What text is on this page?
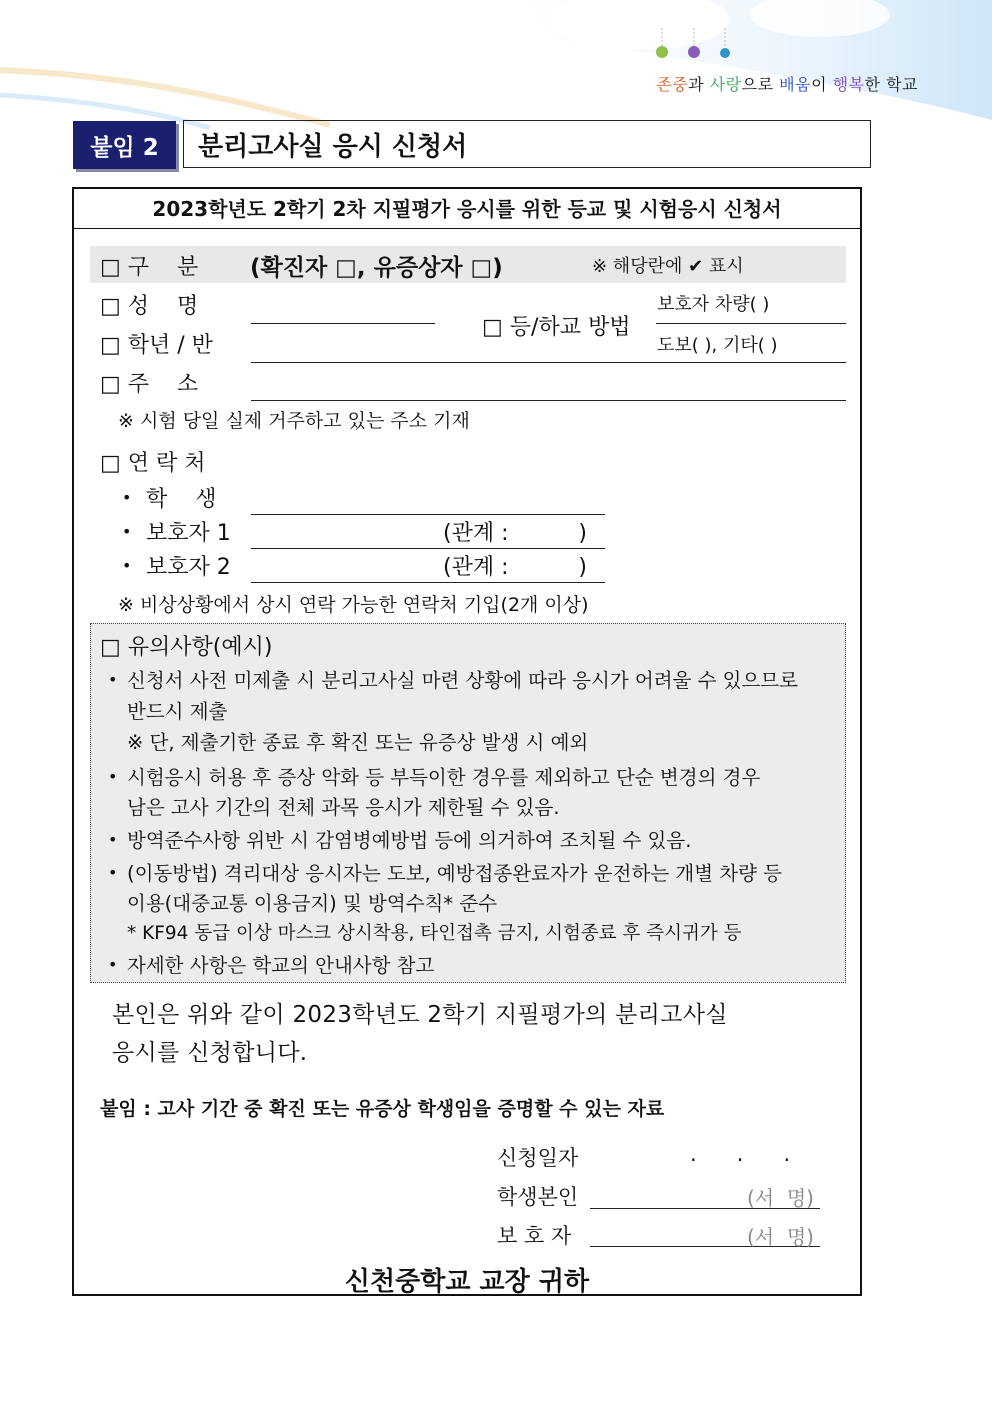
존중과 사랑으로 배움이 행복한 학교
붙임 2	분리고사실 응시 신청서
2023학년도 2학기 2차 지필평가 응시를 위한 등교 및 시험응시 신청서
□ 구    분 (확진자 □, 유증상자 □)	※ 해당란에 ✔ 표시
□ 성    명
□ 학년 / 반
□ 등/하교 방법
보호자 차량( )
도보( ), 기타( )
□ 주    소
※ 시험 당일 실제 거주하고 있는 주소 기재
□ 연 락 처
• 학    생
• 보호자 1	(관계 :          )
• 보호자 2	(관계 :          )
※ 비상상황에서 상시 연락 가능한 연락처 기입(2개 이상)
□ 유의사항(예시)
• 신청서 사전 미제출 시 분리고사실 마련 상황에 따라 응시가 어려울 수 있으므로
반드시 제출
※ 단, 제출기한 종료 후 확진 또는 유증상 발생 시 예외
• 시험응시 허용 후 증상 악화 등 부득이한 경우를 제외하고 단순 변경의 경우
남은 고사 기간의 전체 과목 응시가 제한될 수 있음.
• 방역준수사항 위반 시 감염병예방법 등에 의거하여 조치될 수 있음.
• (이동방법) 격리대상 응시자는 도보, 예방접종완료자가 운전하는 개별 차량 등
이용(대중교통 이용금지) 및 방역수칙* 준수
* KF94 동급 이상 마스크 상시착용, 타인접촉 금지, 시험종료 후 즉시귀가 등
• 자세한 사항은 학교의 안내사항 참고
본인은 위와 같이 2023학년도 2학기 지필평가의 분리고사실
응시를 신청합니다.
붙임 : 고사 기간 중 확진 또는 유증상 학생임을 증명할 수 있는 자료
신청일자	.      .      .
학생본인	(서  명)
보 호 자	(서  명)
신천중학교 교장 귀하
